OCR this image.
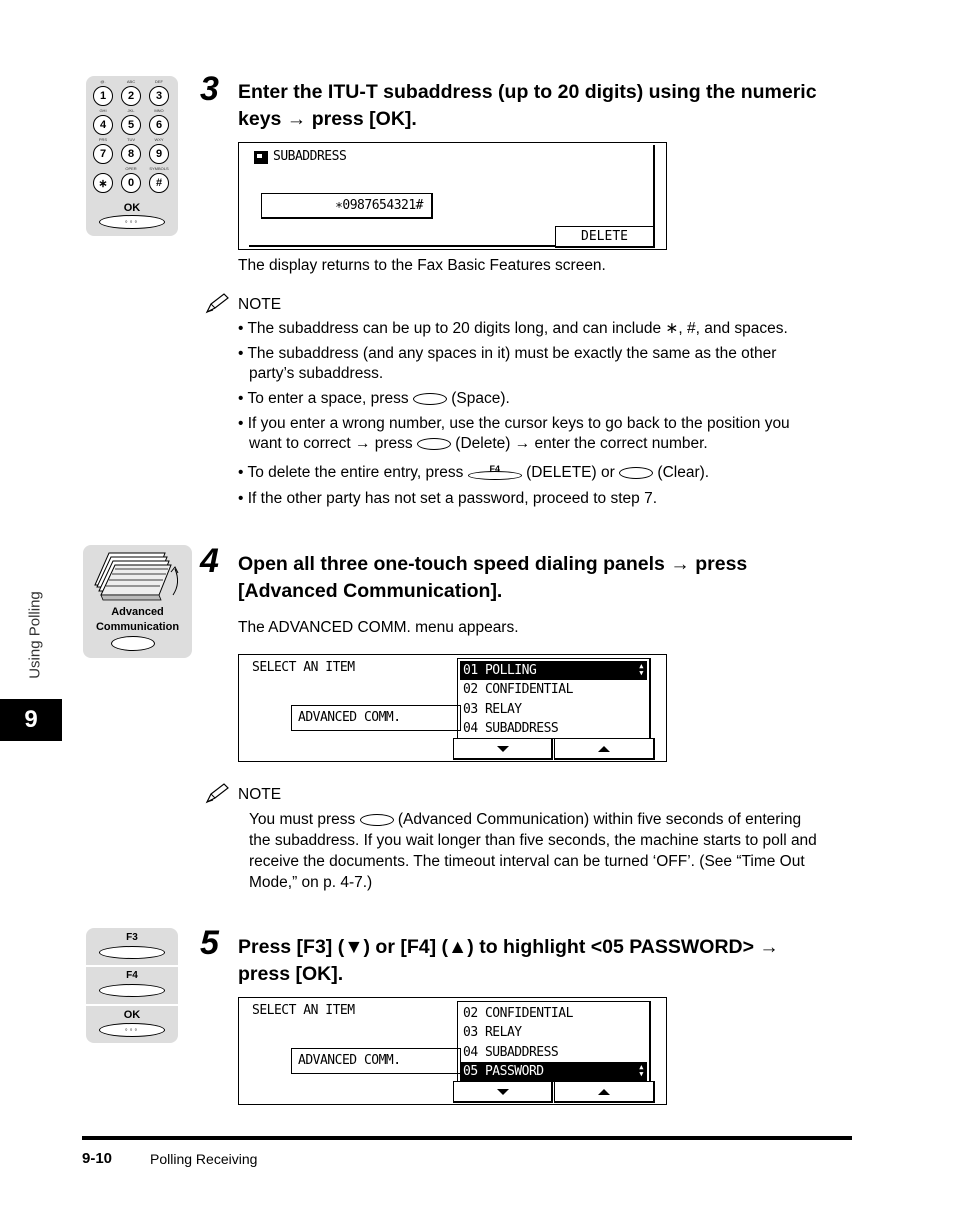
Using Polling
9
@.
1
ABC
2
DEF
3
GHI
4
JKL
5
MNO
6
PRS
7
TUV
8
WXY
9
∗
OPER
0
SYMBOLS
#
OK
◦◦◦
3 Enter the ITU-T subaddress (up to 20 digits) using the numeric
keys → press [OK].
SUBADDRESS
∗0987654321#
DELETE
The display returns to the Fax Basic Features screen.
NOTE
• The subaddress can be up to 20 digits long, and can include ∗, #, and spaces.
• The subaddress (and any spaces in it) must be exactly the same as the other
party’s subaddress.
• To enter a space, press	(Space).
• If you enter a wrong number, use the cursor keys to go back to the position you
want to correct → press	(Delete) → enter the correct number.
• To delete the entire entry, press	F4	(DELETE) or	(Clear).
• If the other party has not set a password, proceed to step 7.
Advanced
Communication
4 Open all three one-touch speed dialing panels → press
[Advanced Communication].
The ADVANCED COMM. menu appears.
SELECT AN ITEM
ADVANCED COMM.
01 POLLING	▲
▼
02 CONFIDENTIAL
03 RELAY
04 SUBADDRESS
NOTE
You must press	(Advanced Communication) within five seconds of entering
the subaddress. If you wait longer than five seconds, the machine starts to poll and
receive the documents. The timeout interval can be turned ‘OFF’. (See “Time Out
Mode,” on p. 4-7.)
F3
F4
OK
◦◦◦
5 Press [F3] (▼) or [F4] (▲) to highlight <05 PASSWORD> →
press [OK].
SELECT AN ITEM
ADVANCED COMM.
02 CONFIDENTIAL
03 RELAY
04 SUBADDRESS
05 PASSWORD	▲
▼
9-10	Polling Receiving
